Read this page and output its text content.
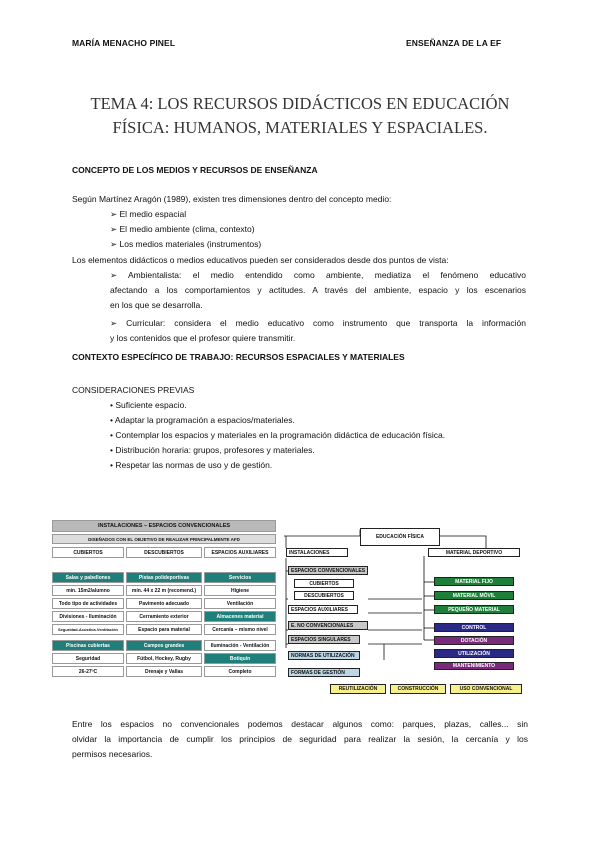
MARÍA MENACHO PINEL	ENSEÑANZA DE LA EF
TEMA 4: LOS RECURSOS DIDÁCTICOS EN EDUCACIÓN
FÍSICA: HUMANOS, MATERIALES Y ESPACIALES.
CONCEPTO DE LOS MEDIOS Y RECURSOS DE ENSEÑANZA
Según Martínez Aragón (1989), existen tres dimensiones dentro del concepto medio:
➢ El medio espacial
➢ El medio ambiente (clima, contexto)
➢ Los medios materiales (instrumentos)
Los elementos didácticos o medios educativos pueden ser considerados desde dos puntos de vista:
➢ Ambientalista: el medio entendido como ambiente, mediatiza el fenómeno educativo
afectando a los comportamientos y actitudes. A través del ambiente, espacio y los escenarios
en los que se desarrolla.
➢ Curricular: considera el medio educativo como instrumento que transporta la información
y los contenidos que el profesor quiere transmitir.
CONTEXTO ESPECÍFICO DE TRABAJO: RECURSOS ESPACIALES Y MATERIALES
CONSIDERACIONES PREVIAS
• Suficiente espacio.
• Adaptar la programación a espacios/materiales.
• Contemplar los espacios y materiales en la programación didáctica de educación física.
• Distribución horaria: grupos, profesores y materiales.
• Respetar las normas de uso y de gestión.
INSTALACIONES – ESPACIOS CONVENCIONALES
DISEÑADOS CON EL OBJETIVO DE REALIZAR PRINCIPALMENTE AFD
CUBIERTOS	DESCUBIERTOS	ESPACIOS AUXILIARES
Salas y pabellones	Pistas polideportivas	Servicios
mín. 15m2/alumno	mín. 44 x 22 m (recomend.)	Higiene
Todo tipo de actividades	Pavimento adecuado	Ventilación
Divisiones - Iluminación	Cerramiento exterior	Almacenes material
Seguridad-Acústica-Ventilación	Espacio para material	Cercanía – mismo nivel
Piscinas cubiertas	Campos grandes	Iluminación - Ventilación
Seguridad	Fútbol, Hockey, Rugby	Botiquín
26-27ºC	Drenaje y Vallas	Completo
EDUCACIÓN FÍSICA
INSTALACIONES	MATERIAL DEPORTIVO
ESPACIOS CONVENCIONALES
CUBIERTOS
DESCUBIERTOS
ESPACIOS AUXILIARES
E. NO CONVENCIONALES
ESPACIOS SINGULARES
NORMAS DE UTILIZACIÓN
MATERIAL FIJO
MATERIAL MÓVIL
PEQUEÑO MATERIAL
CONTROL
DOTACIÓN
UTILIZACIÓN
MANTENIMIENTO
FORMAS DE GESTIÓN
REUTILIZACIÓN	CONSTRUCCIÓN	USO CONVENCIONAL
Entre los espacios no convencionales podemos destacar algunos como: parques, plazas, calles... sin
olvidar la importancia de cumplir los principios de seguridad para realizar la sesión, la cercanía y los
permisos necesarios.
